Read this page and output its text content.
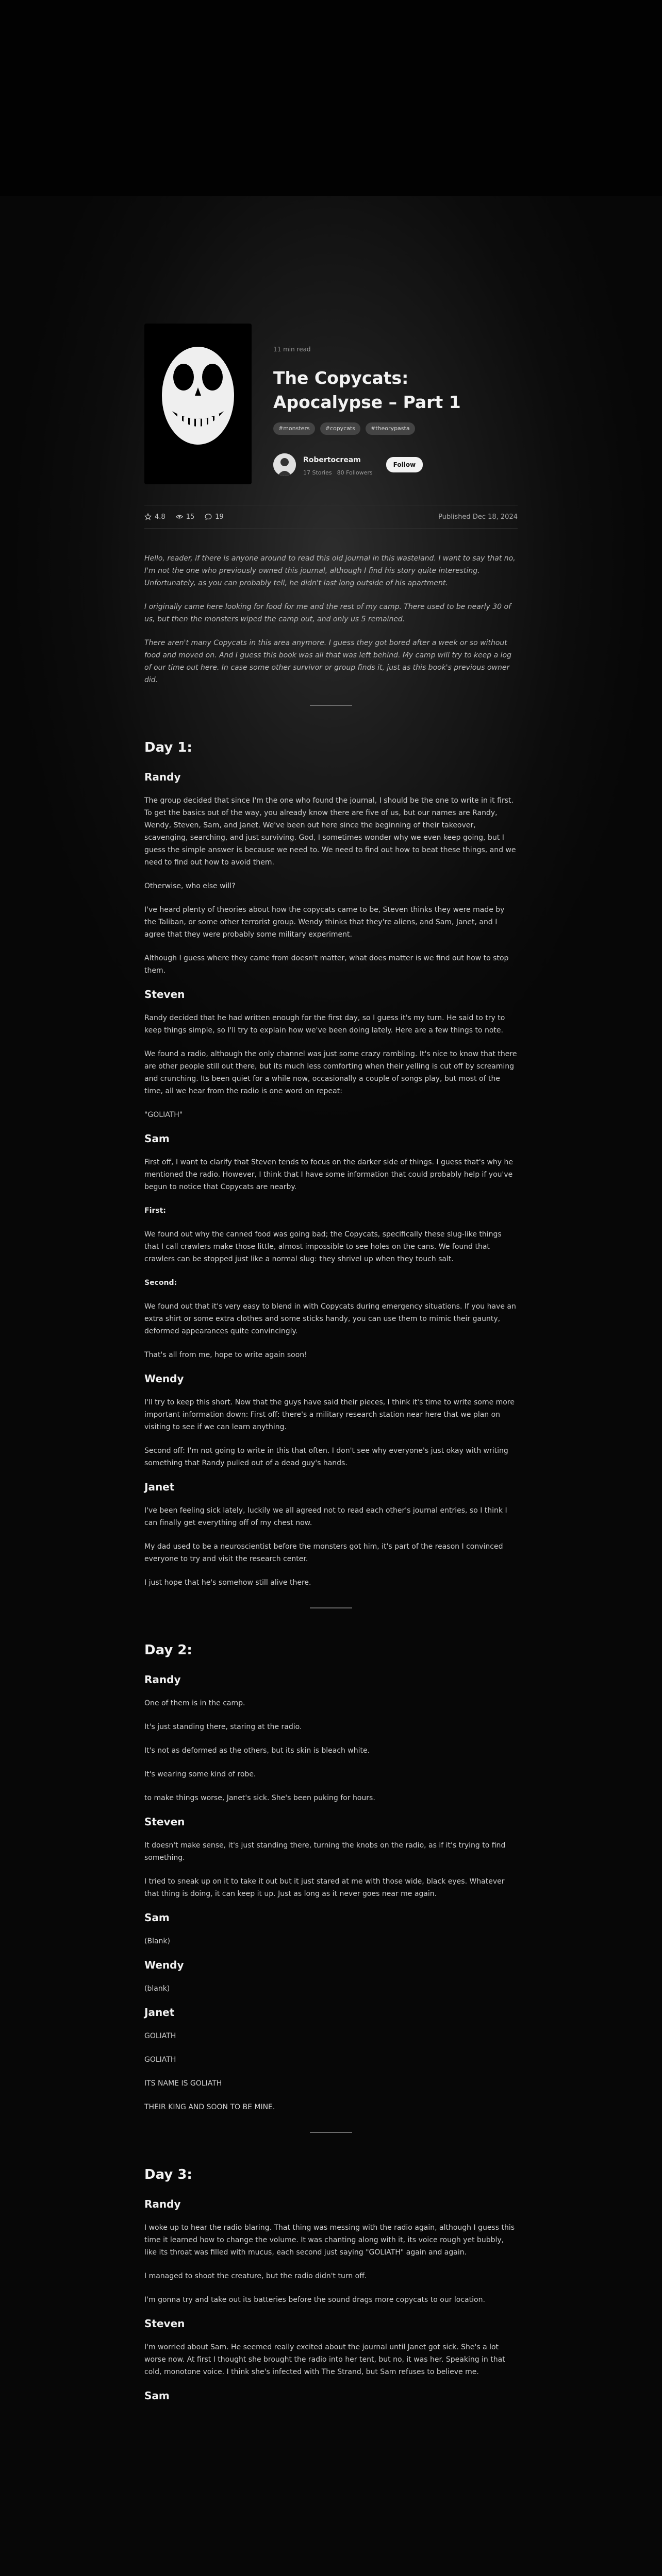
11 min read

The Copycats:
Apocalypse – Part 1
#monsters	#copycats	#theorypasta

Robertocream

17 Stories 80 Followers
Follow
4.8	15	19	Published Dec 18, 2024

Hello, reader, if there is anyone around to read this old journal in this wasteland. I want to say that no, I'm not the one who previously owned this journal, although I find his story quite interesting. Unfortunately, as you can probably tell, he didn't last long outside of his apartment.

I originally came here looking for food for me and the rest of my camp. There used to be nearly 30 of us, but then the monsters wiped the camp out, and only us 5 remained.

There aren't many Copycats in this area anymore. I guess they got bored after a week or so without food and moved on. And I guess this book was all that was left behind. My camp will try to keep a log of our time out here. In case some other survivor or group finds it, just as this book's previous owner did.

Day 1:
Randy

The group decided that since I'm the one who found the journal, I should be the one to write in it first. To get the basics out of the way, you already know there are five of us, but our names are Randy, Wendy, Steven, Sam, and Janet. We've been out here since the beginning of their takeover, scavenging, searching, and just surviving. God, I sometimes wonder why we even keep going, but I guess the simple answer is because we need to. We need to find out how to beat these things, and we need to find out how to avoid them.

Otherwise, who else will?

I've heard plenty of theories about how the copycats came to be, Steven thinks they were made by the Taliban, or some other terrorist group. Wendy thinks that they're aliens, and Sam, Janet, and I agree that they were probably some military experiment.

Although I guess where they came from doesn't matter, what does matter is we find out how to stop them.

Steven

Randy decided that he had written enough for the first day, so I guess it's my turn. He said to try to keep things simple, so I'll try to explain how we've been doing lately. Here are a few things to note.

We found a radio, although the only channel was just some crazy rambling. It's nice to know that there are other people still out there, but its much less comforting when their yelling is cut off by screaming and crunching. Its been quiet for a while now, occasionally a couple of songs play, but most of the time, all we hear from the radio is one word on repeat:

"GOLIATH"

Sam

First off, I want to clarify that Steven tends to focus on the darker side of things. I guess that's why he mentioned the radio. However, I think that I have some information that could probably help if you've begun to notice that Copycats are nearby.

First:

We found out why the canned food was going bad; the Copycats, specifically these slug-like things that I call crawlers make those little, almost impossible to see holes on the cans. We found that crawlers can be stopped just like a normal slug: they shrivel up when they touch salt.

Second:

We found out that it's very easy to blend in with Copycats during emergency situations. If you have an extra shirt or some extra clothes and some sticks handy, you can use them to mimic their gaunty, deformed appearances quite convincingly.

That's all from me, hope to write again soon!

Wendy

I'll try to keep this short. Now that the guys have said their pieces, I think it's time to write some more important information down: First off: there's a military research station near here that we plan on visiting to see if we can learn anything.

Second off: I'm not going to write in this that often. I don't see why everyone's just okay with writing something that Randy pulled out of a dead guy's hands.

Janet

I've been feeling sick lately, luckily we all agreed not to read each other's journal entries, so I think I can finally get everything off of my chest now.

My dad used to be a neuroscientist before the monsters got him, it's part of the reason I convinced everyone to try and visit the research center.

I just hope that he's somehow still alive there.

Day 2:
Randy

One of them is in the camp.

It's just standing there, staring at the radio.

It's not as deformed as the others, but its skin is bleach white.

It's wearing some kind of robe.

to make things worse, Janet's sick. She's been puking for hours.

Steven

It doesn't make sense, it's just standing there, turning the knobs on the radio, as if it's trying to find something.

I tried to sneak up on it to take it out but it just stared at me with those wide, black eyes. Whatever that thing is doing, it can keep it up. Just as long as it never goes near me again.

Sam

(Blank)

Wendy

(blank)

Janet

GOLIATH

GOLIATH

ITS NAME IS GOLIATH

THEIR KING AND SOON TO BE MINE.

Day 3:
Randy

I woke up to hear the radio blaring. That thing was messing with the radio again, although I guess this time it learned how to change the volume. It was chanting along with it, its voice rough yet bubbly, like its throat was filled with mucus, each second just saying "GOLIATH" again and again.

I managed to shoot the creature, but the radio didn't turn off.

I'm gonna try and take out its batteries before the sound drags more copycats to our location.

Steven

I'm worried about Sam. He seemed really excited about the journal until Janet got sick. She's a lot worse now. At first I thought she brought the radio into her tent, but no, it was her. Speaking in that cold, monotone voice. I think she's infected with The Strand, but Sam refuses to believe me.

Sam
